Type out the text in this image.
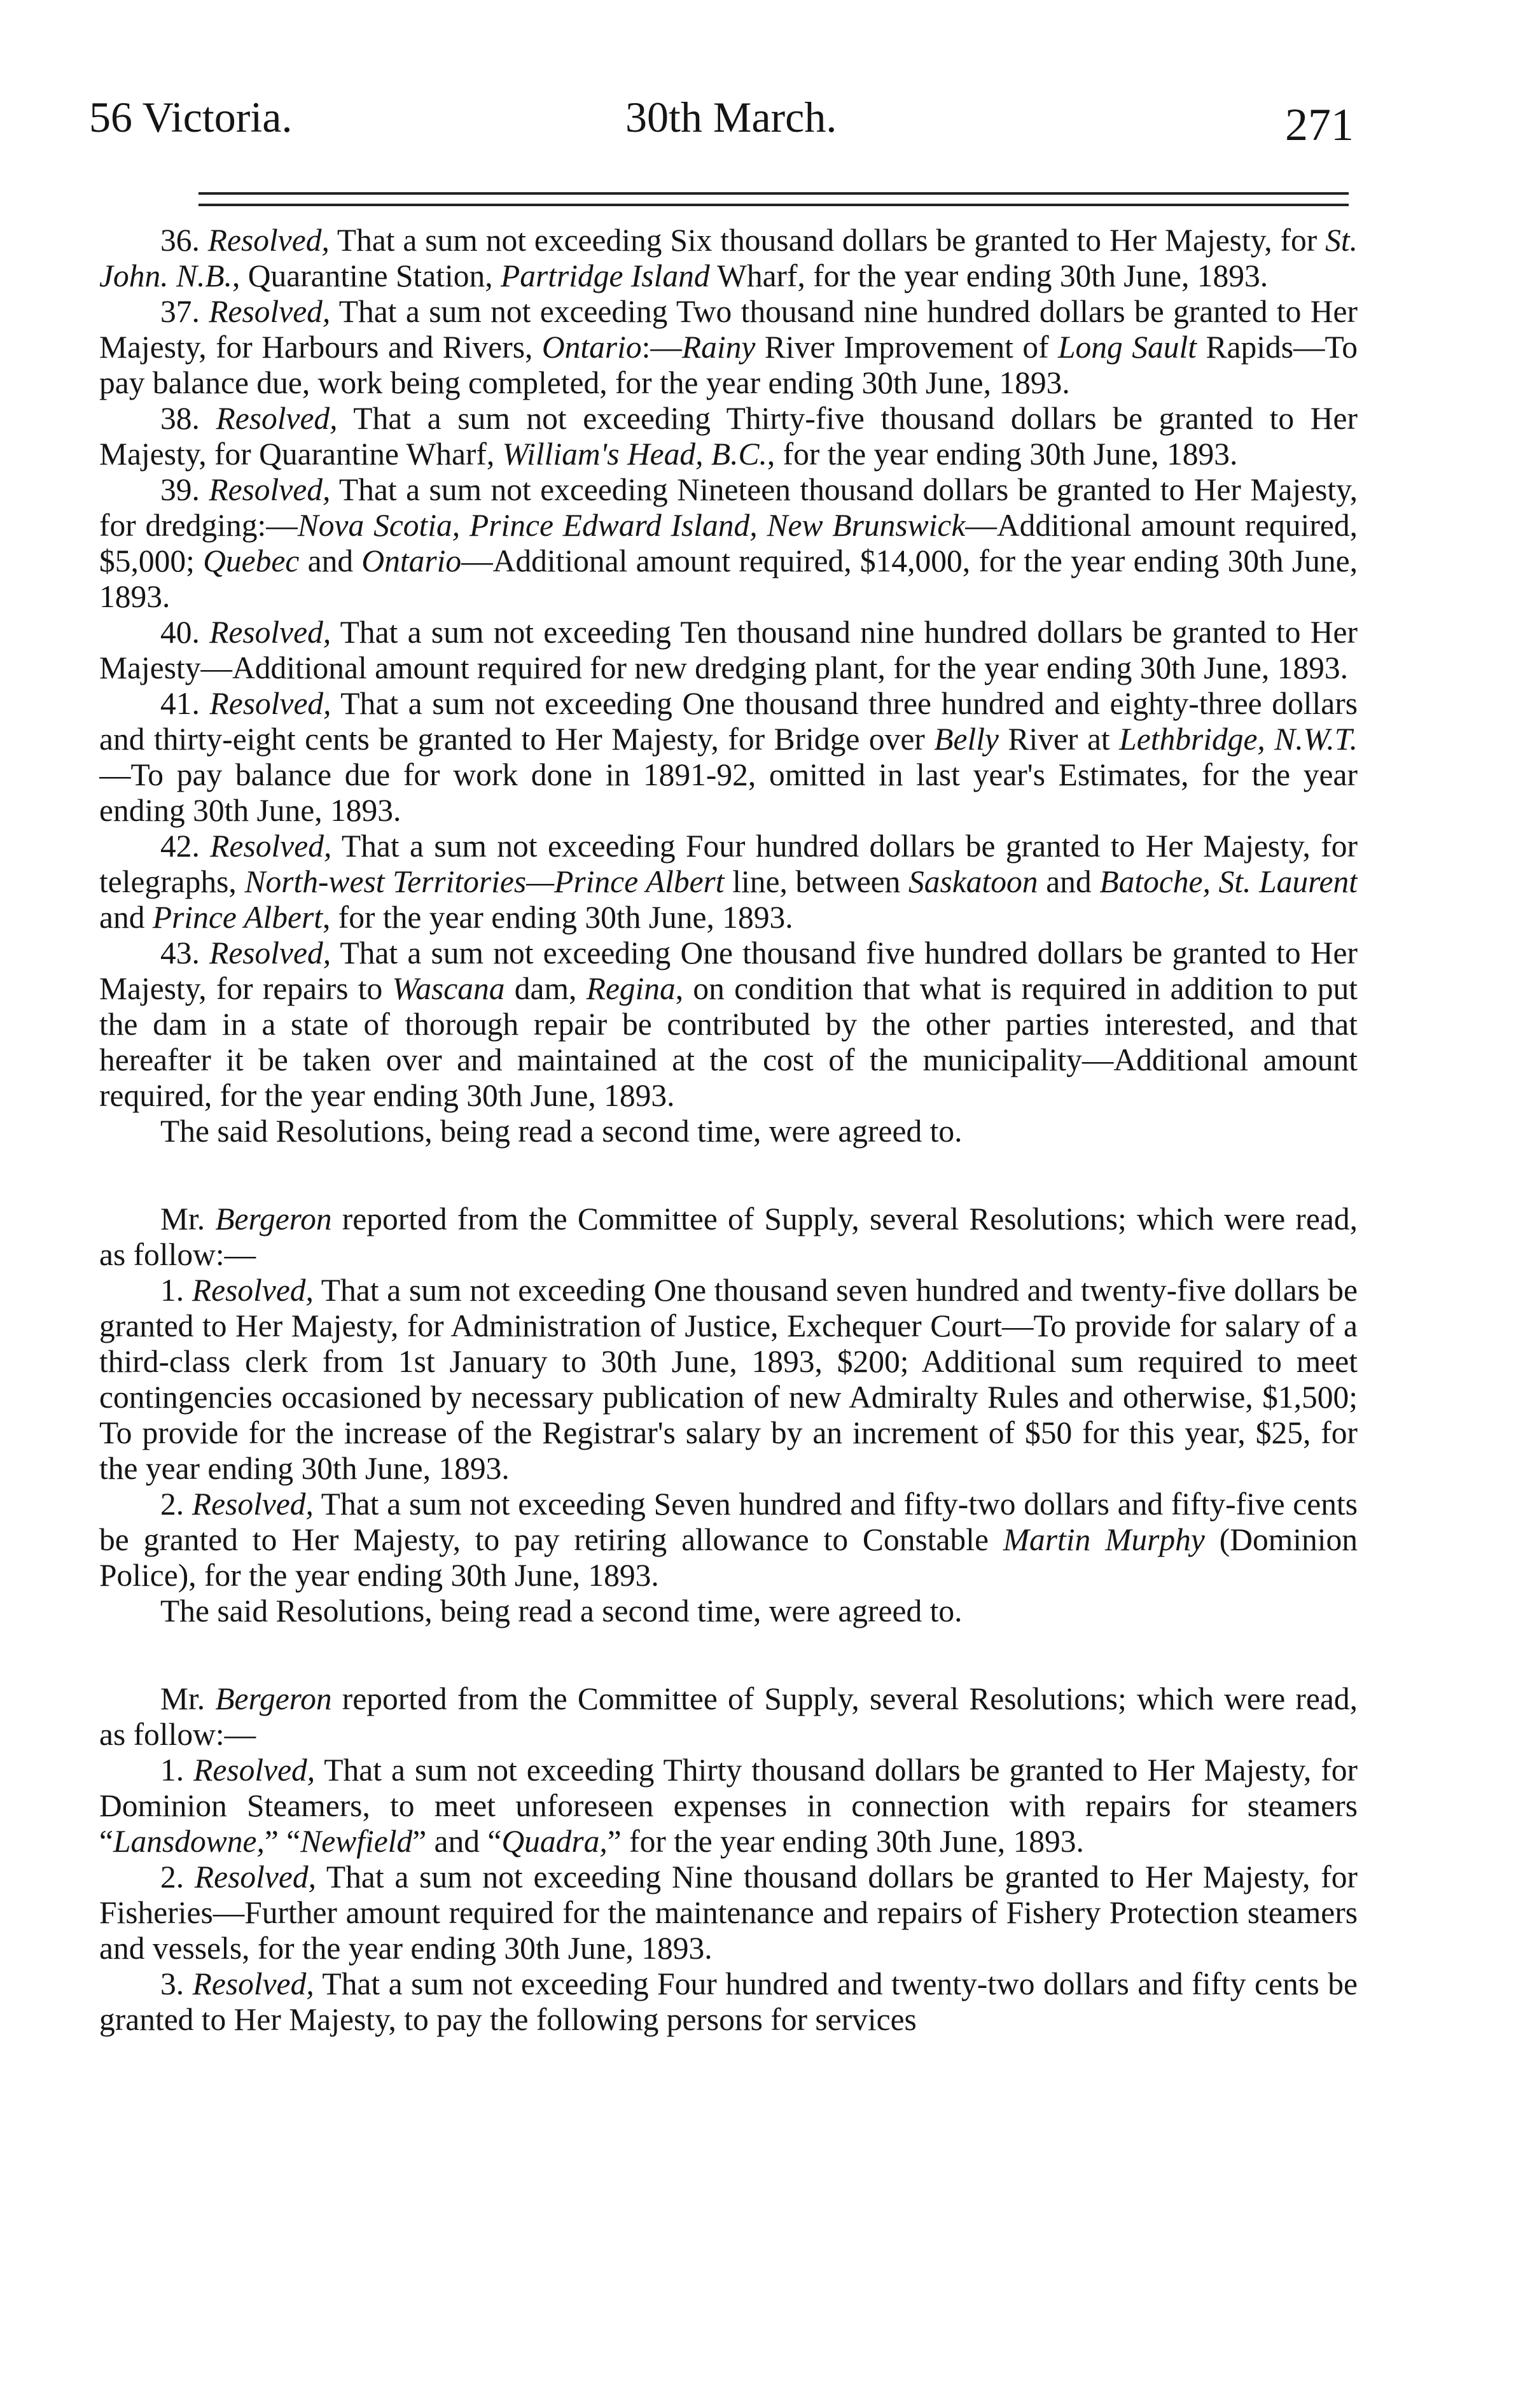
56 Victoria.	30th March.	271

36. Resolved, That a sum not exceeding Six thousand dollars be granted to Her Majesty, for St. John. N.B., Quarantine Station, Partridge Island Wharf, for the year ending 30th June, 1893.

37. Resolved, That a sum not exceeding Two thousand nine hundred dollars be granted to Her Majesty, for Harbours and Rivers, Ontario:—Rainy River Improvement of Long Sault Rapids—To pay balance due, work being completed, for the year ending 30th June, 1893.

38. Resolved, That a sum not exceeding Thirty-five thousand dollars be granted to Her Majesty, for Quarantine Wharf, William's Head, B.C., for the year ending 30th June, 1893.

39. Resolved, That a sum not exceeding Nineteen thousand dollars be granted to Her Majesty, for dredging:—Nova Scotia, Prince Edward Island, New Brunswick—Additional amount required, $5,000; Quebec and Ontario—Additional amount required, $14,000, for the year ending 30th June, 1893.

40. Resolved, That a sum not exceeding Ten thousand nine hundred dollars be granted to Her Majesty—Additional amount required for new dredging plant, for the year ending 30th June, 1893.

41. Resolved, That a sum not exceeding One thousand three hundred and eighty-three dollars and thirty-eight cents be granted to Her Majesty, for Bridge over Belly River at Lethbridge, N.W.T.—To pay balance due for work done in 1891-92, omitted in last year's Estimates, for the year ending 30th June, 1893.

42. Resolved, That a sum not exceeding Four hundred dollars be granted to Her Majesty, for telegraphs, North-west Territories—Prince Albert line, between Saskatoon and Batoche, St. Laurent and Prince Albert, for the year ending 30th June, 1893.

43. Resolved, That a sum not exceeding One thousand five hundred dollars be granted to Her Majesty, for repairs to Wascana dam, Regina, on condition that what is required in addition to put the dam in a state of thorough repair be contributed by the other parties interested, and that hereafter it be taken over and maintained at the cost of the municipality—Additional amount required, for the year ending 30th June, 1893.

The said Resolutions, being read a second time, were agreed to.

Mr. Bergeron reported from the Committee of Supply, several Resolutions; which were read, as follow:—

1. Resolved, That a sum not exceeding One thousand seven hundred and twenty-five dollars be granted to Her Majesty, for Administration of Justice, Exchequer Court—To provide for salary of a third-class clerk from 1st January to 30th June, 1893, $200; Additional sum required to meet contingencies occasioned by necessary publication of new Admiralty Rules and otherwise, $1,500; To provide for the increase of the Registrar's salary by an increment of $50 for this year, $25, for the year ending 30th June, 1893.

2. Resolved, That a sum not exceeding Seven hundred and fifty-two dollars and fifty-five cents be granted to Her Majesty, to pay retiring allowance to Constable Martin Murphy (Dominion Police), for the year ending 30th June, 1893.

The said Resolutions, being read a second time, were agreed to.

Mr. Bergeron reported from the Committee of Supply, several Resolutions; which were read, as follow:—

1. Resolved, That a sum not exceeding Thirty thousand dollars be granted to Her Majesty, for Dominion Steamers, to meet unforeseen expenses in connection with repairs for steamers “Lansdowne,” “Newfield” and “Quadra,” for the year ending 30th June, 1893.

2. Resolved, That a sum not exceeding Nine thousand dollars be granted to Her Majesty, for Fisheries—Further amount required for the maintenance and repairs of Fishery Protection steamers and vessels, for the year ending 30th June, 1893.

3. Resolved, That a sum not exceeding Four hundred and twenty-two dollars and fifty cents be granted to Her Majesty, to pay the following persons for services
